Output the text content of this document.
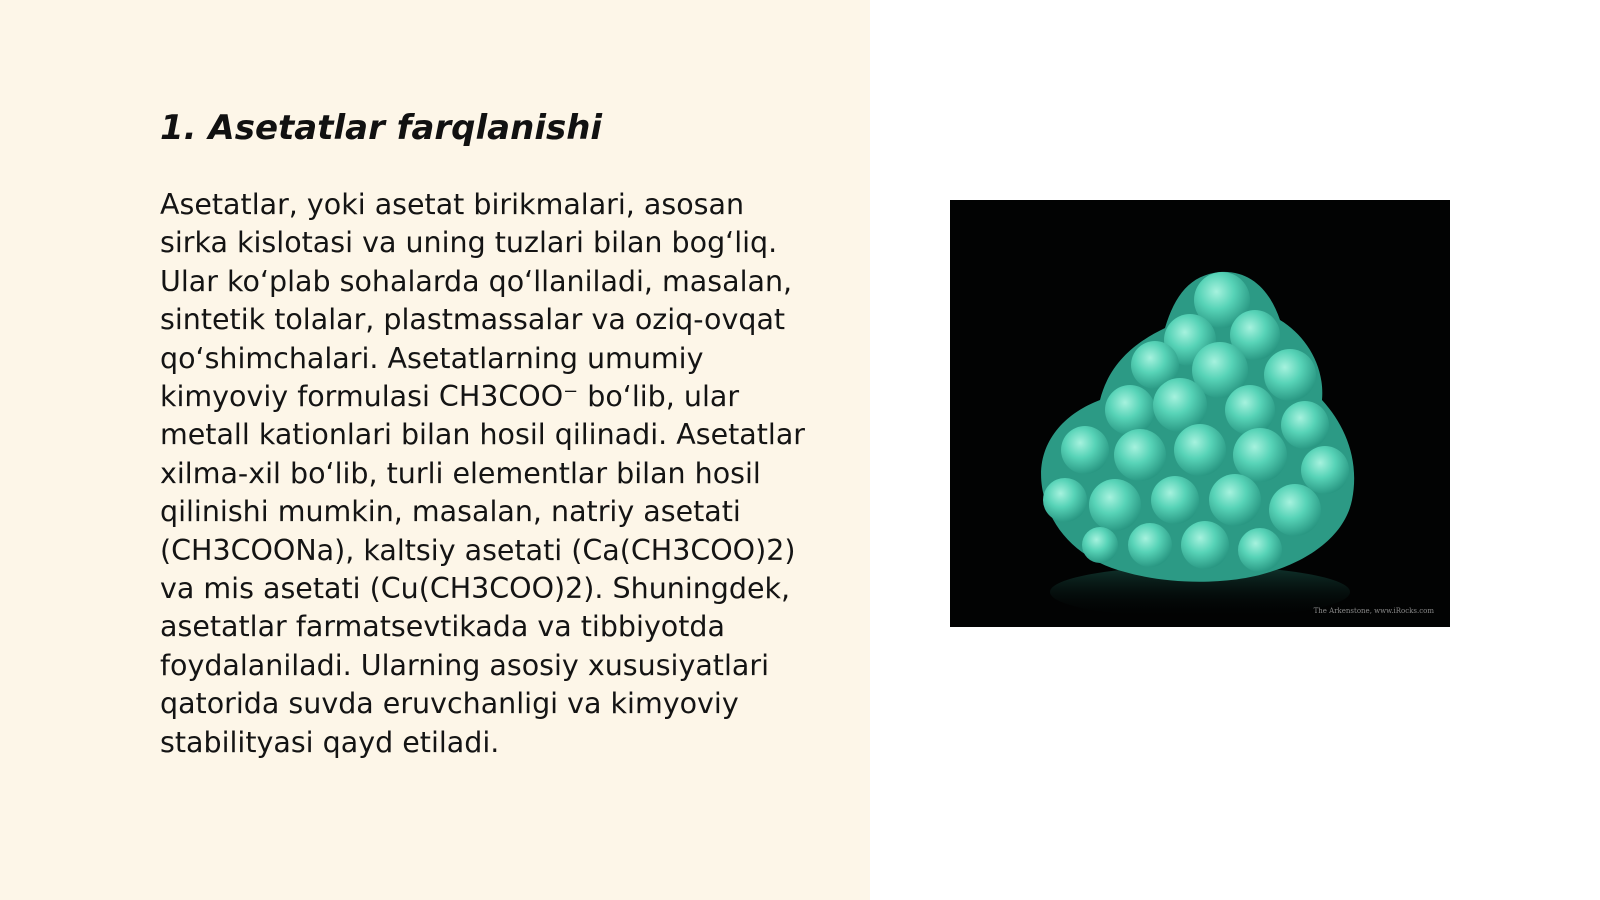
1. Asetatlar farqlanishi

Asetatlar, yoki asetat birikmalari, asosan
sirka kislotasi va uning tuzlari bilan bog‘liq.
Ular ko‘plab sohalarda qo‘llaniladi, masalan,
sintetik tolalar, plastmassalar va oziq-ovqat
qo‘shimchalari. Asetatlarning umumiy
kimyoviy formulasi CH3COO⁻ bo‘lib, ular
metall kationlari bilan hosil qilinadi. Asetatlar
xilma-xil bo‘lib, turli elementlar bilan hosil
qilinishi mumkin, masalan, natriy asetati
(CH3COONa), kaltsiy asetati (Ca(CH3COO)2)
va mis asetati (Cu(CH3COO)2). Shuningdek,
asetatlar farmatsevtikada va tibbiyotda
foydalaniladi. Ularning asosiy xususiyatlari
qatorida suvda eruvchanligi va kimyoviy
stabilityasi qayd etiladi.

The Arkenstone, www.iRocks.com
